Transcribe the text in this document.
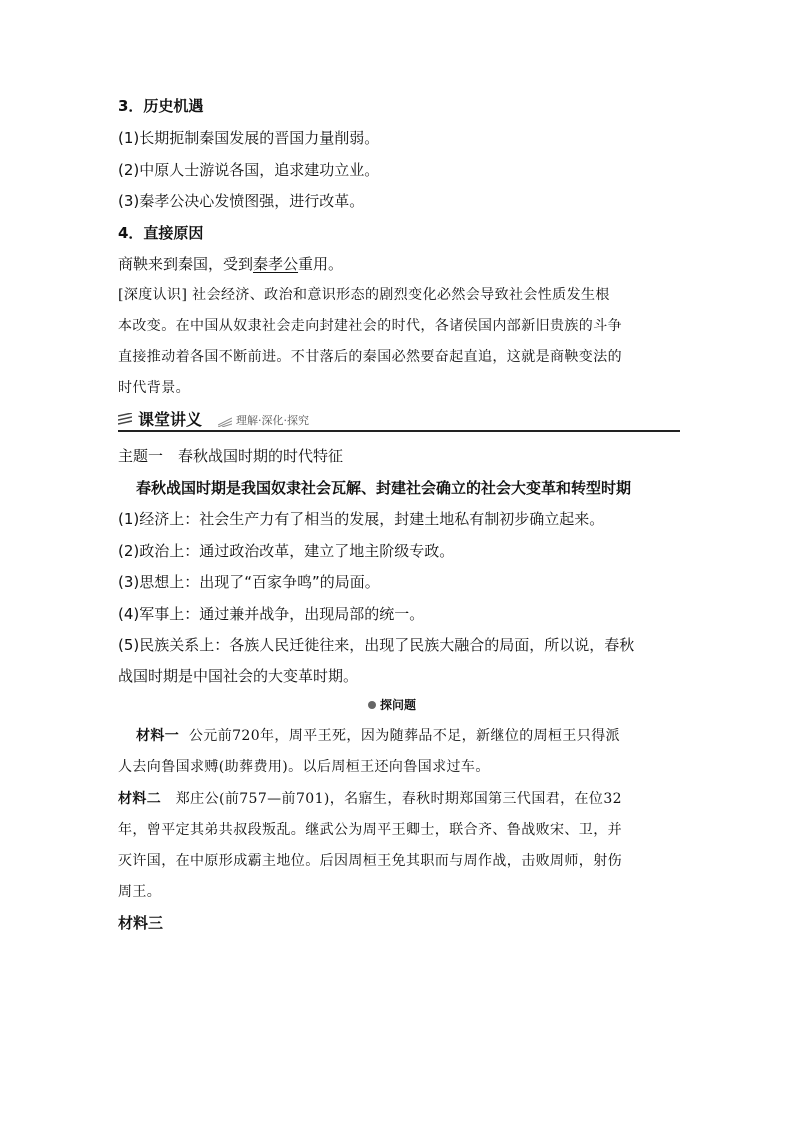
3．历史机遇
(1)长期扼制秦国发展的晋国力量削弱。
(2)中原人士游说各国，追求建功立业。
(3)秦孝公决心发愤图强，进行改革。
4．直接原因
商鞅来到秦国，受到秦孝公重用。
[深度认识] 社会经济、政治和意识形态的剧烈变化必然会导致社会性质发生根
本改变。在中国从奴隶社会走向封建社会的时代，各诸侯国内部新旧贵族的斗争
直接推动着各国不断前进。不甘落后的秦国必然要奋起直追，这就是商鞅变法的
时代背景。
课堂讲义	理解·深化·探究
主题一　春秋战国时期的时代特征
春秋战国时期是我国奴隶社会瓦解、封建社会确立的社会大变革和转型时期
(1)经济上：社会生产力有了相当的发展，封建土地私有制初步确立起来。
(2)政治上：通过政治改革，建立了地主阶级专政。
(3)思想上：出现了“百家争鸣”的局面。
(4)军事上：通过兼并战争，出现局部的统一。
(5)民族关系上：各族人民迁徙往来，出现了民族大融合的局面，所以说，春秋
战国时期是中国社会的大变革时期。
探问题
材料一 公元前720年，周平王死，因为随葬品不足，新继位的周桓王只得派
人去向鲁国求赙(助葬费用)。以后周桓王还向鲁国求过车。
材料二 郑庄公(前757—前701)，名寤生，春秋时期郑国第三代国君，在位32
年，曾平定其弟共叔段叛乱。继武公为周平王卿士，联合齐、鲁战败宋、卫，并
灭许国，在中原形成霸主地位。后因周桓王免其职而与周作战，击败周师，射伤
周王。
材料三
